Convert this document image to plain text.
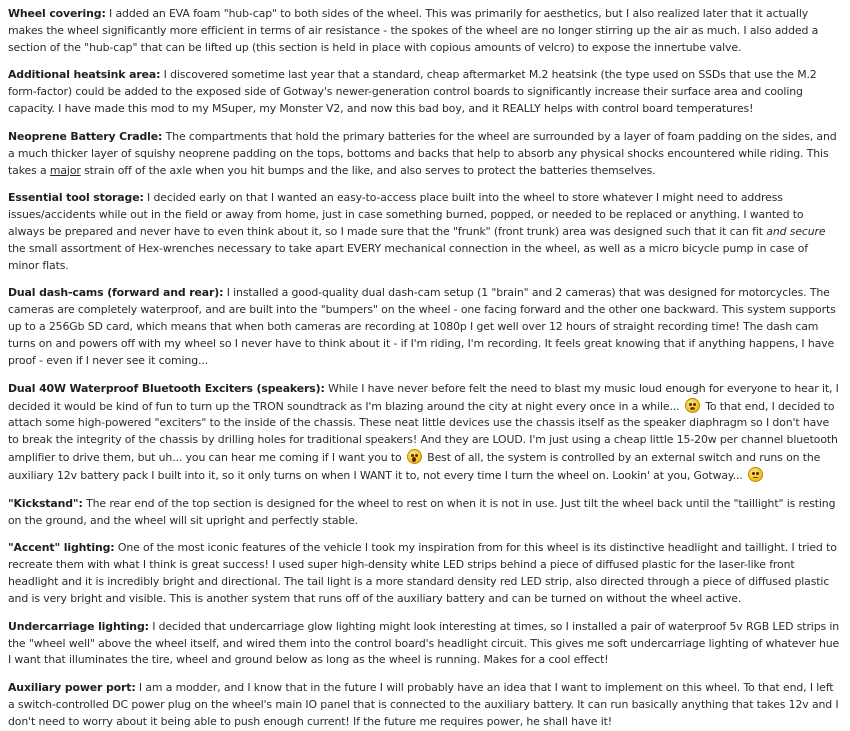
Wheel covering: I added an EVA foam "hub-cap" to both sides of the wheel. This was primarily for aesthetics, but I also realized later that it actually makes the wheel significantly more efficient in terms of air resistance - the spokes of the wheel are no longer stirring up the air as much. I also added a section of the "hub-cap" that can be lifted up (this section is held in place with copious amounts of velcro) to expose the innertube valve.

Additional heatsink area: I discovered sometime last year that a standard, cheap aftermarket M.2 heatsink (the type used on SSDs that use the M.2 form-factor) could be added to the exposed side of Gotway's newer-generation control boards to significantly increase their surface area and cooling capacity. I have made this mod to my MSuper, my Monster V2, and now this bad boy, and it REALLY helps with control board temperatures!

Neoprene Battery Cradle: The compartments that hold the primary batteries for the wheel are surrounded by a layer of foam padding on the sides, and a much thicker layer of squishy neoprene padding on the tops, bottoms and backs that help to absorb any physical shocks encountered while riding. This takes a major strain off of the axle when you hit bumps and the like, and also serves to protect the batteries themselves.

Essential tool storage: I decided early on that I wanted an easy-to-access place built into the wheel to store whatever I might need to address issues/accidents while out in the field or away from home, just in case something burned, popped, or needed to be replaced or anything. I wanted to always be prepared and never have to even think about it, so I made sure that the "frunk" (front trunk) area was designed such that it can fit and secure the small assortment of Hex-wrenches necessary to take apart EVERY mechanical connection in the wheel, as well as a micro bicycle pump in case of minor flats.

Dual dash-cams (forward and rear): I installed a good-quality dual dash-cam setup (1 "brain" and 2 cameras) that was designed for motorcycles. The cameras are completely waterproof, and are built into the "bumpers" on the wheel - one facing forward and the other one backward. This system supports up to a 256Gb SD card, which means that when both cameras are recording at 1080p I get well over 12 hours of straight recording time! The dash cam turns on and powers off with my wheel so I never have to think about it - if I'm riding, I'm recording. It feels great knowing that if anything happens, I have proof - even if I never see it coming...

Dual 40W Waterproof Bluetooth Exciters (speakers): While I have never before felt the need to blast my music loud enough for everyone to hear it, I decided it would be kind of fun to turn up the TRON soundtrack as I'm blazing around the city at night every once in a while...
To that end, I decided to attach some high-powered "exciters" to the inside of the chassis. These neat little devices use the chassis itself as the speaker diaphragm so I don't have to break the integrity of the chassis by drilling holes for traditional speakers! And they are LOUD. I'm just using a cheap little 15-20w per channel bluetooth amplifier to drive them, but uh... you can hear me coming if I want you to
Best of all, the system is controlled by an external switch and runs on the auxiliary 12v battery pack I built into it, so it only turns on when I WANT it to, not every time I turn the wheel on. Lookin' at you, Gotway...

"Kickstand": The rear end of the top section is designed for the wheel to rest on when it is not in use. Just tilt the wheel back until the "taillight" is resting on the ground, and the wheel will sit upright and perfectly stable.

"Accent" lighting: One of the most iconic features of the vehicle I took my inspiration from for this wheel is its distinctive headlight and taillight. I tried to recreate them with what I think is great success! I used super high-density white LED strips behind a piece of diffused plastic for the laser-like front headlight and it is incredibly bright and directional. The tail light is a more standard density red LED strip, also directed through a piece of diffused plastic and is very bright and visible. This is another system that runs off of the auxiliary battery and can be turned on without the wheel active.

Undercarriage lighting: I decided that undercarriage glow lighting might look interesting at times, so I installed a pair of waterproof 5v RGB LED strips in the "wheel well" above the wheel itself, and wired them into the control board's headlight circuit. This gives me soft undercarriage lighting of whatever hue I want that illuminates the tire, wheel and ground below as long as the wheel is running. Makes for a cool effect!

Auxiliary power port: I am a modder, and I know that in the future I will probably have an idea that I want to implement on this wheel. To that end, I left a switch-controlled DC power plug on the wheel's main IO panel that is connected to the auxiliary battery. It can run basically anything that takes 12v and I don't need to worry about it being able to push enough current! If the future me requires power, he shall have it!
